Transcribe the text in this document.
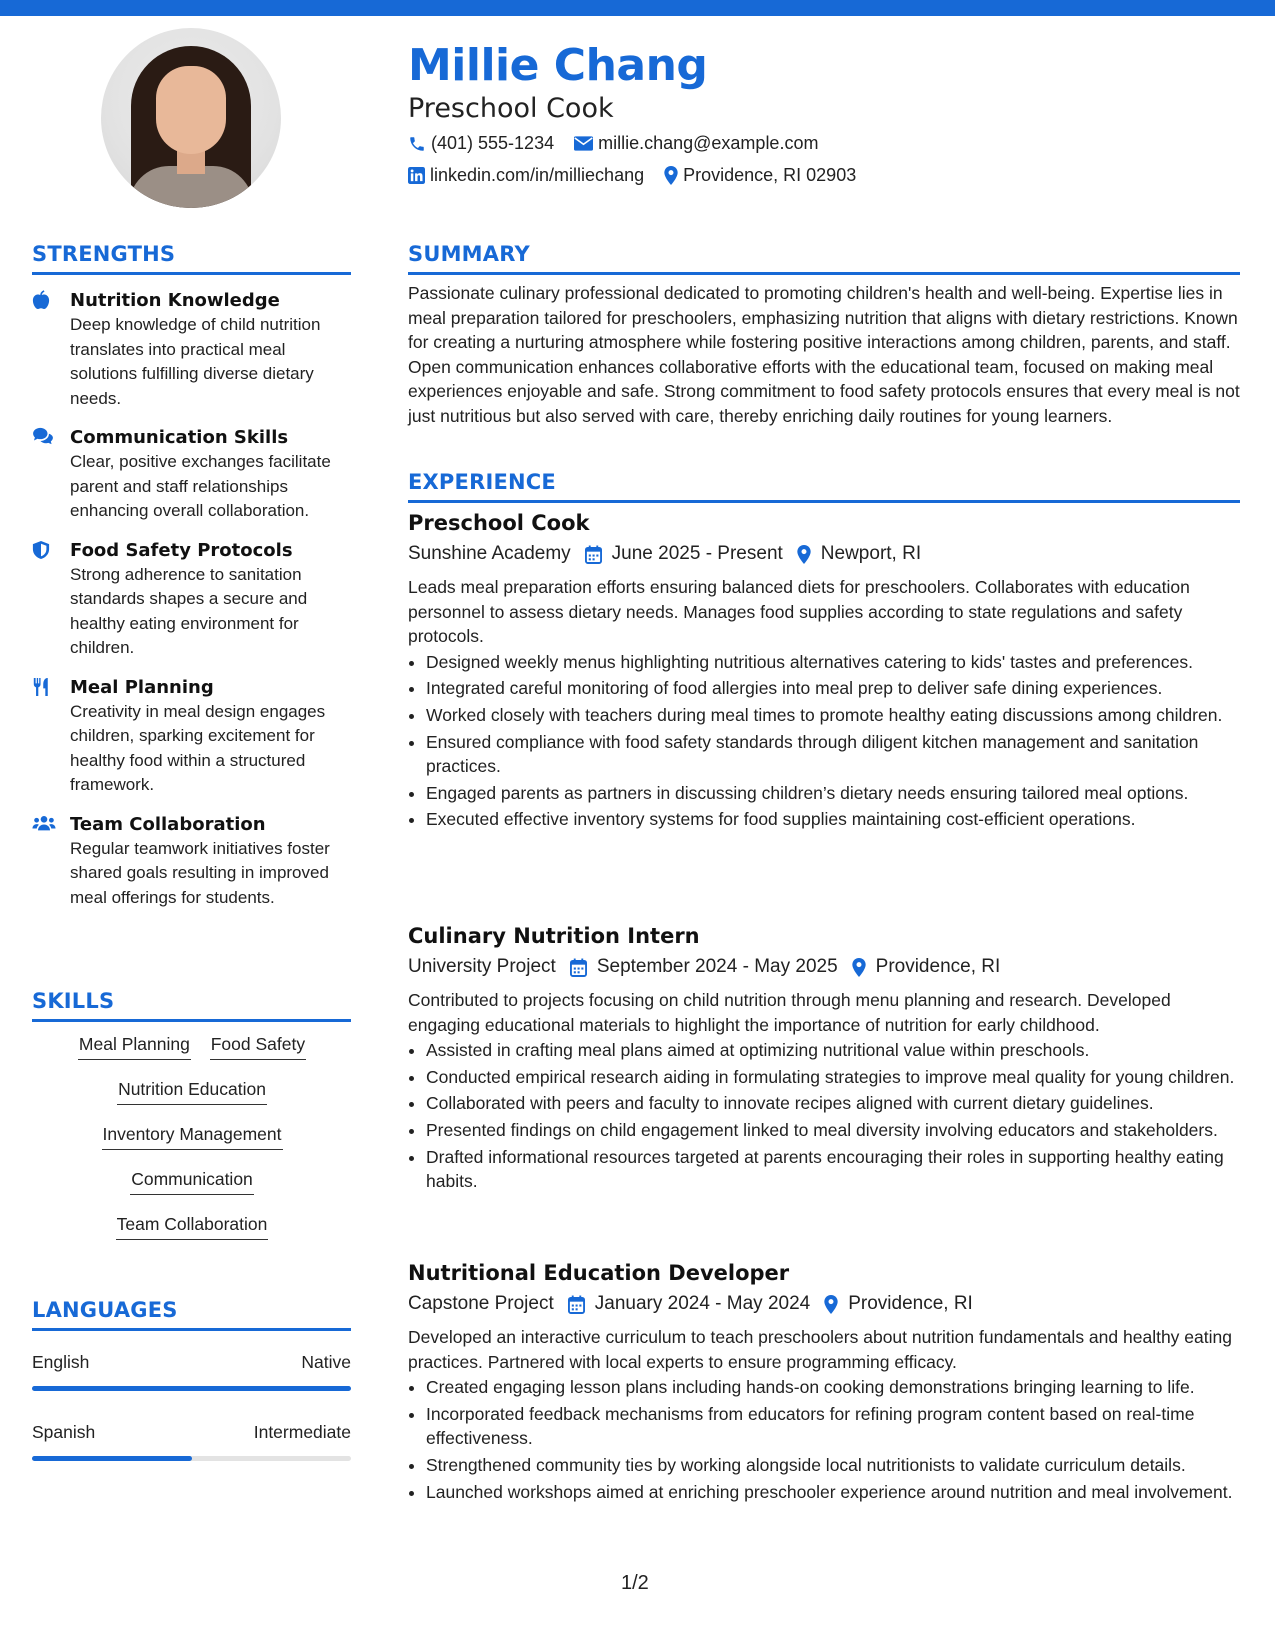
Millie Chang
Preschool Cook
(401) 555-1234 millie.chang@example.com
linkedin.com/in/milliechang Providence, RI 02903
STRENGTHS
Nutrition Knowledge
Deep knowledge of child nutrition translates into practical meal solutions fulfilling diverse dietary needs.
Communication Skills
Clear, positive exchanges facilitate parent and staff relationships enhancing overall collaboration.
Food Safety Protocols
Strong adherence to sanitation standards shapes a secure and healthy eating environment for children.
Meal Planning
Creativity in meal design engages children, sparking excitement for healthy food within a structured framework.
Team Collaboration
Regular teamwork initiatives foster shared goals resulting in improved meal offerings for students.
SKILLS
Meal Planning Food Safety
Nutrition Education
Inventory Management
Communication
Team Collaboration
LANGUAGES
English	Native
Spanish	Intermediate
SUMMARY

Passionate culinary professional dedicated to promoting children's health and well-being. Expertise lies in meal preparation tailored for preschoolers, emphasizing nutrition that aligns with dietary restrictions. Known for creating a nurturing atmosphere while fostering positive interactions among children, parents, and staff. Open communication enhances collaborative efforts with the educational team, focused on making meal experiences enjoyable and safe. Strong commitment to food safety protocols ensures that every meal is not just nutritious but also served with care, thereby enriching daily routines for young learners.

EXPERIENCE
Preschool Cook
Sunshine Academy June 2025 - Present Newport, RI
Leads meal preparation efforts ensuring balanced diets for preschoolers. Collaborates with education personnel to assess dietary needs. Manages food supplies according to state regulations and safety protocols.
• Designed weekly menus highlighting nutritious alternatives catering to kids' tastes and preferences.
• Integrated careful monitoring of food allergies into meal prep to deliver safe dining experiences.
• Worked closely with teachers during meal times to promote healthy eating discussions among children.
• Ensured compliance with food safety standards through diligent kitchen management and sanitation practices.
• Engaged parents as partners in discussing children’s dietary needs ensuring tailored meal options.
• Executed effective inventory systems for food supplies maintaining cost-efficient operations.
Culinary Nutrition Intern
University Project September 2024 - May 2025 Providence, RI
Contributed to projects focusing on child nutrition through menu planning and research. Developed engaging educational materials to highlight the importance of nutrition for early childhood.
• Assisted in crafting meal plans aimed at optimizing nutritional value within preschools.
• Conducted empirical research aiding in formulating strategies to improve meal quality for young children.
• Collaborated with peers and faculty to innovate recipes aligned with current dietary guidelines.
• Presented findings on child engagement linked to meal diversity involving educators and stakeholders.
• Drafted informational resources targeted at parents encouraging their roles in supporting healthy eating habits.
Nutritional Education Developer
Capstone Project January 2024 - May 2024 Providence, RI
Developed an interactive curriculum to teach preschoolers about nutrition fundamentals and healthy eating practices. Partnered with local experts to ensure programming efficacy.
• Created engaging lesson plans including hands-on cooking demonstrations bringing learning to life.
• Incorporated feedback mechanisms from educators for refining program content based on real-time effectiveness.
• Strengthened community ties by working alongside local nutritionists to validate curriculum details.
• Launched workshops aimed at enriching preschooler experience around nutrition and meal involvement.
1/2
